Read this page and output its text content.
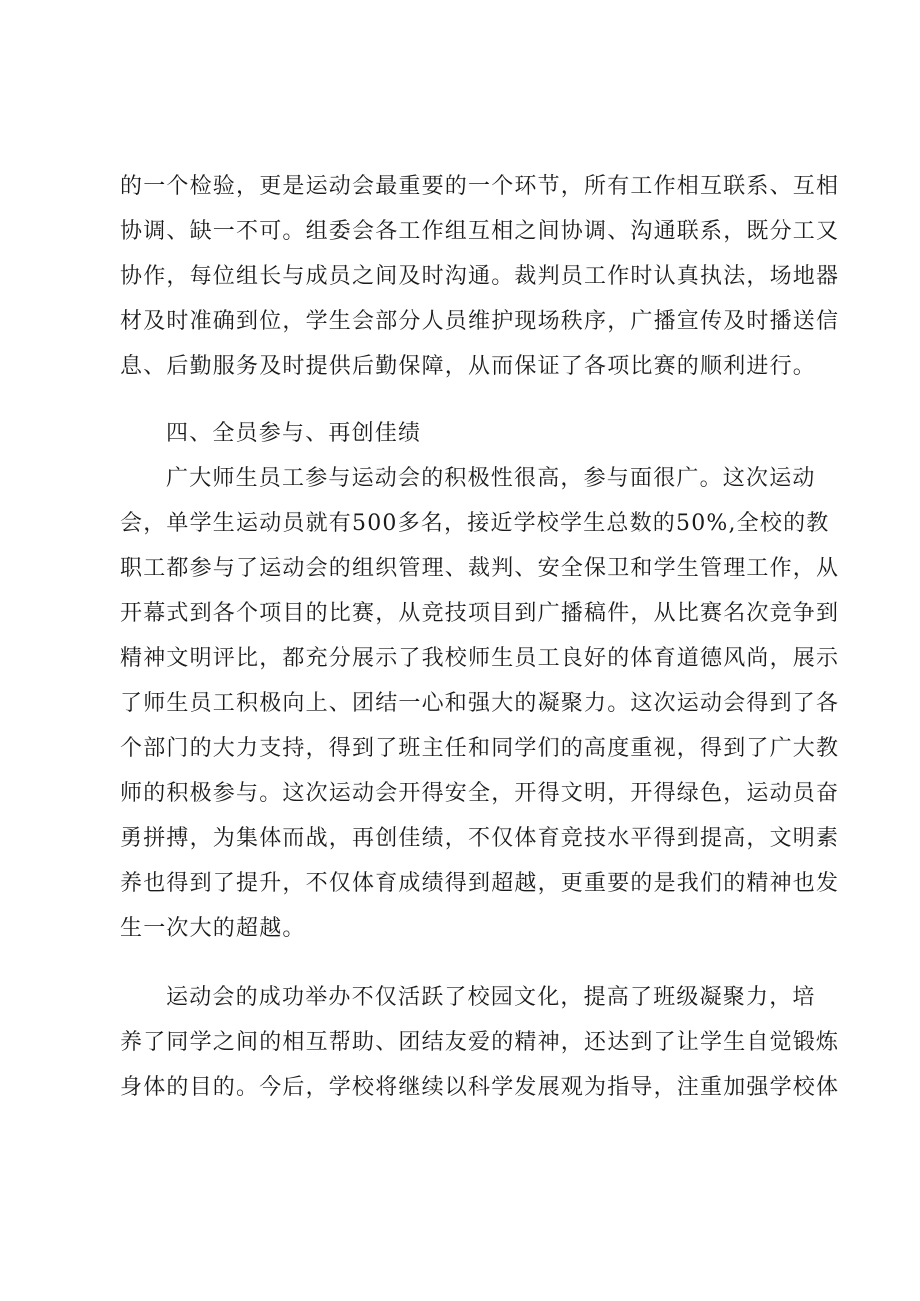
的一个检验，更是运动会最重要的一个环节，所有工作相互联系、互相
协调、缺一不可。组委会各工作组互相之间协调、沟通联系，既分工又
协作，每位组长与成员之间及时沟通。裁判员工作时认真执法，场地器
材及时准确到位，学生会部分人员维护现场秩序，广播宣传及时播送信
息、后勤服务及时提供后勤保障，从而保证了各项比赛的顺利进行。
四、全员参与、再创佳绩
广大师生员工参与运动会的积极性很高，参与面很广。这次运动
会，单学生运动员就有500多名，接近学校学生总数的50%,全校的教
职工都参与了运动会的组织管理、裁判、安全保卫和学生管理工作，从
开幕式到各个项目的比赛，从竞技项目到广播稿件，从比赛名次竞争到
精神文明评比，都充分展示了我校师生员工良好的体育道德风尚，展示
了师生员工积极向上、团结一心和强大的凝聚力。这次运动会得到了各
个部门的大力支持，得到了班主任和同学们的高度重视，得到了广大教
师的积极参与。这次运动会开得安全，开得文明，开得绿色，运动员奋
勇拼搏，为集体而战，再创佳绩，不仅体育竞技水平得到提高，文明素
养也得到了提升，不仅体育成绩得到超越，更重要的是我们的精神也发
生一次大的超越。
运动会的成功举办不仅活跃了校园文化，提高了班级凝聚力，培
养了同学之间的相互帮助、团结友爱的精神，还达到了让学生自觉锻炼
身体的目的。今后，学校将继续以科学发展观为指导，注重加强学校体
